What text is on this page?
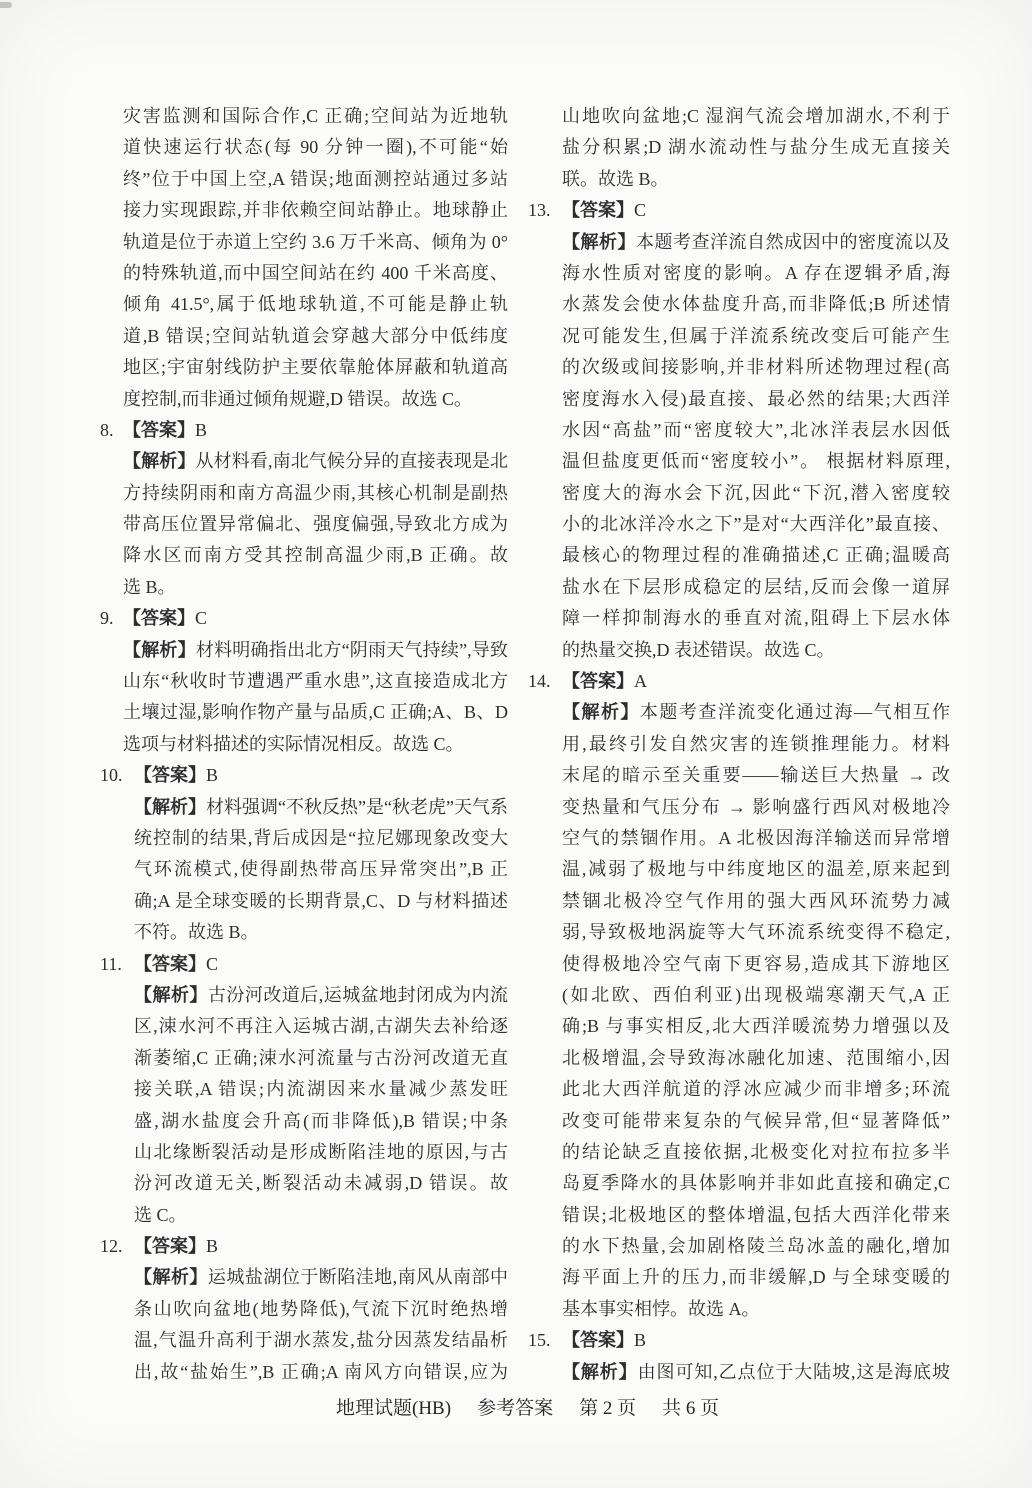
灾害监测和国际合作,C 正确;空间站为近地轨
道快速运行状态(每 90 分钟一圈),不可能“始
终”位于中国上空,A 错误;地面测控站通过多站
接力实现跟踪,并非依赖空间站静止。地球静止
轨道是位于赤道上空约 3.6 万千米高、倾角为 0°
的特殊轨道,而中国空间站在约 400 千米高度、
倾角 41.5°,属于低地球轨道,不可能是静止轨
道,B 错误;空间站轨道会穿越大部分中低纬度
地区;宇宙射线防护主要依靠舱体屏蔽和轨道高
度控制,而非通过倾角规避,D 错误。故选 C。
8. 【答案】B
【解析】从材料看,南北气候分异的直接表现是北
方持续阴雨和南方高温少雨,其核心机制是副热
带高压位置异常偏北、强度偏强,导致北方成为
降水区而南方受其控制高温少雨,B 正确。故
选 B。
9. 【答案】C
【解析】材料明确指出北方“阴雨天气持续”,导致
山东“秋收时节遭遇严重水患”,这直接造成北方
土壤过湿,影响作物产量与品质,C 正确;A、B、D
选项与材料描述的实际情况相反。故选 C。
10. 【答案】B
【解析】材料强调“不秋反热”是“秋老虎”天气系
统控制的结果,背后成因是“拉尼娜现象改变大
气环流模式,使得副热带高压异常突出”,B 正
确;A 是全球变暖的长期背景,C、D 与材料描述
不符。故选 B。
11. 【答案】C
【解析】古汾河改道后,运城盆地封闭成为内流
区,涑水河不再注入运城古湖,古湖失去补给逐
渐萎缩,C 正确;涑水河流量与古汾河改道无直
接关联,A 错误;内流湖因来水量减少蒸发旺
盛,湖水盐度会升高(而非降低),B 错误;中条
山北缘断裂活动是形成断陷洼地的原因,与古
汾河改道无关,断裂活动未减弱,D 错误。故
选 C。
12. 【答案】B
【解析】运城盐湖位于断陷洼地,南风从南部中
条山吹向盆地(地势降低),气流下沉时绝热增
温,气温升高利于湖水蒸发,盐分因蒸发结晶析
出,故“盐始生”,B 正确;A 南风方向错误,应为
山地吹向盆地;C 湿润气流会增加湖水,不利于
盐分积累;D 湖水流动性与盐分生成无直接关
联。故选 B。
13. 【答案】C
【解析】本题考查洋流自然成因中的密度流以及
海水性质对密度的影响。A 存在逻辑矛盾,海
水蒸发会使水体盐度升高,而非降低;B 所述情
况可能发生,但属于洋流系统改变后可能产生
的次级或间接影响,并非材料所述物理过程(高
密度海水入侵)最直接、最必然的结果;大西洋
水因“高盐”而“密度较大”,北冰洋表层水因低
温但盐度更低而“密度较小”。 根据材料原理,
密度大的海水会下沉,因此“下沉,潜入密度较
小的北冰洋冷水之下”是对“大西洋化”最直接、
最核心的物理过程的准确描述,C 正确;温暖高
盐水在下层形成稳定的层结,反而会像一道屏
障一样抑制海水的垂直对流,阻碍上下层水体
的热量交换,D 表述错误。故选 C。
14. 【答案】A
【解析】本题考查洋流变化通过海—气相互作
用,最终引发自然灾害的连锁推理能力。材料
末尾的暗示至关重要——输送巨大热量 → 改
变热量和气压分布 → 影响盛行西风对极地冷
空气的禁锢作用。A 北极因海洋输送而异常增
温,减弱了极地与中纬度地区的温差,原来起到
禁锢北极冷空气作用的强大西风环流势力减
弱,导致极地涡旋等大气环流系统变得不稳定,
使得极地冷空气南下更容易,造成其下游地区
(如北欧、西伯利亚)出现极端寒潮天气,A 正
确;B 与事实相反,北大西洋暖流势力增强以及
北极增温,会导致海冰融化加速、范围缩小,因
此北大西洋航道的浮冰应减少而非增多;环流
改变可能带来复杂的气候异常,但“显著降低”
的结论缺乏直接依据,北极变化对拉布拉多半
岛夏季降水的具体影响并非如此直接和确定,C
错误;北极地区的整体增温,包括大西洋化带来
的水下热量,会加剧格陵兰岛冰盖的融化,增加
海平面上升的压力,而非缓解,D 与全球变暖的
基本事实相悖。故选 A。
15. 【答案】B
【解析】由图可知,乙点位于大陆坡,这是海底坡
地理试题(HB) 参考答案 第 2 页 共 6 页
